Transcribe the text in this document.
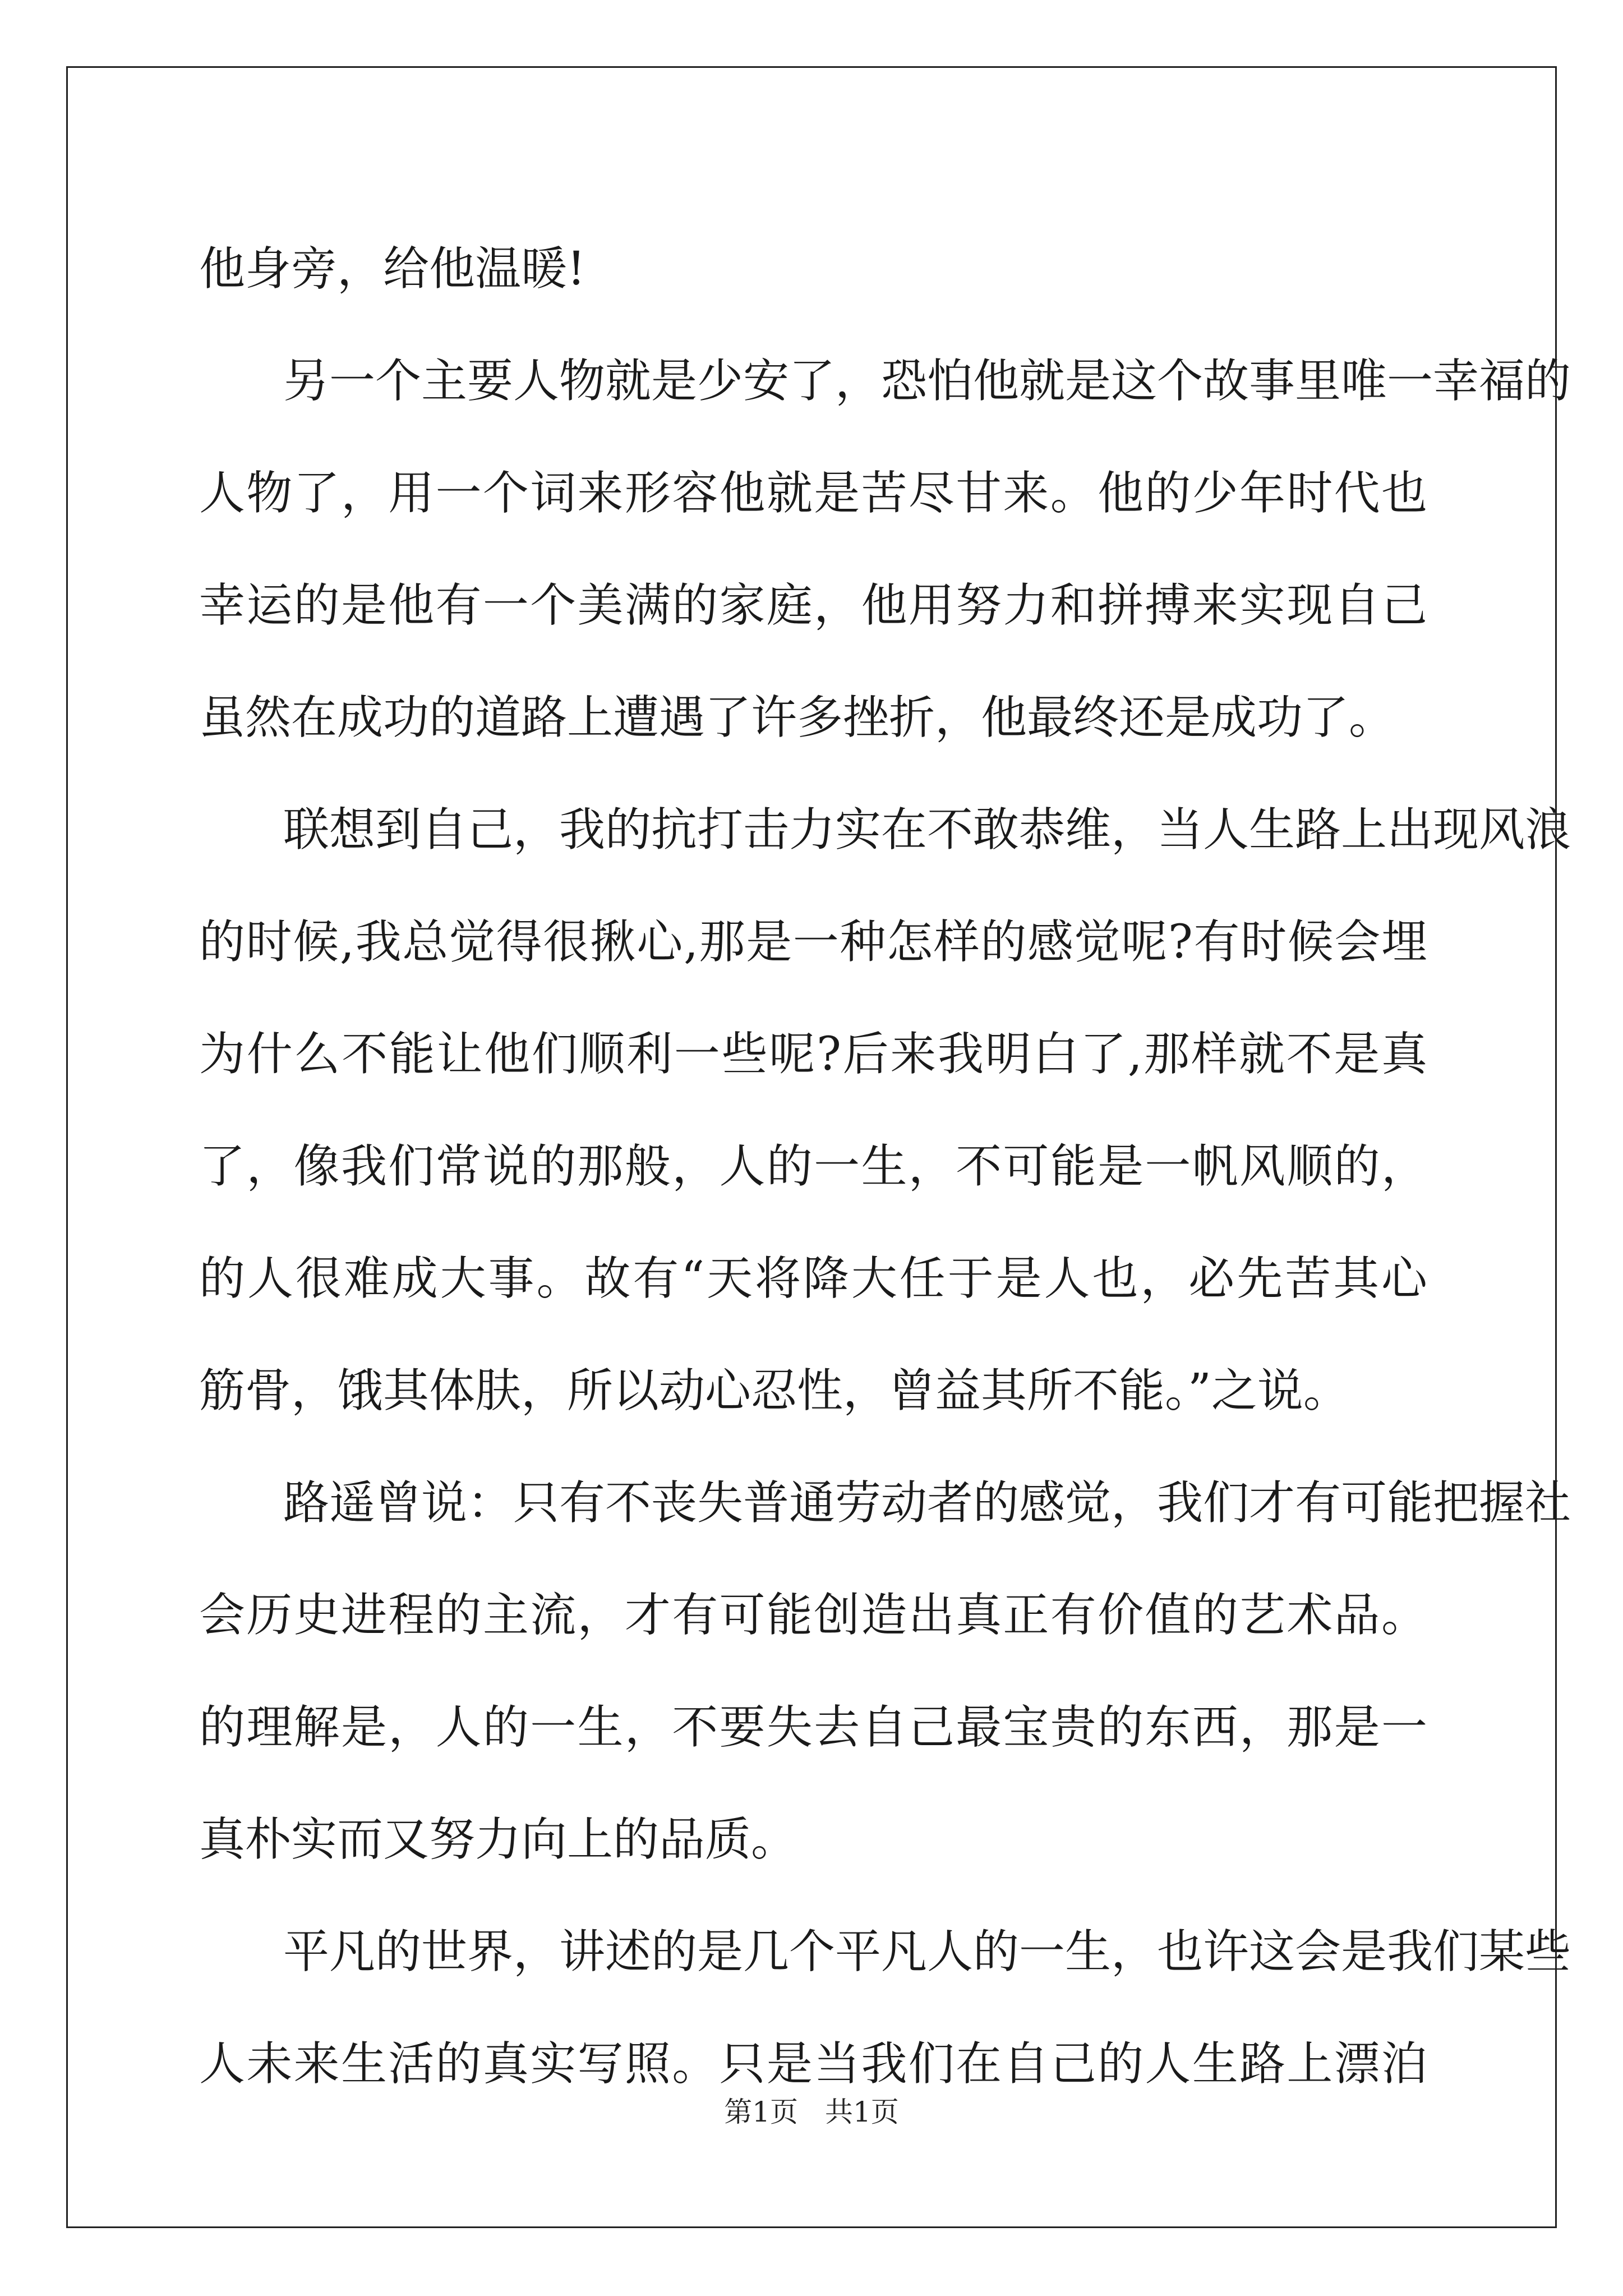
他身旁，给他温暖!
另一个主要人物就是少安了，恐怕他就是这个故事里唯一幸福的
人物了，用一个词来形容他就是苦尽甘来。他的少年时代也
幸运的是他有一个美满的家庭，他用努力和拼搏来实现自己
虽然在成功的道路上遭遇了许多挫折，他最终还是成功了。
联想到自己，我的抗打击力实在不敢恭维，当人生路上出现风浪
的时候,我总觉得很揪心,那是一种怎样的感觉呢?有时候会埋
为什么不能让他们顺利一些呢?后来我明白了,那样就不是真
了，像我们常说的那般，人的一生，不可能是一帆风顺的，
的人很难成大事。故有“天将降大任于是人也，必先苦其心
筋骨，饿其体肤，所以动心忍性，曾益其所不能。”之说。
路遥曾说：只有不丧失普通劳动者的感觉，我们才有可能把握社
会历史进程的主流，才有可能创造出真正有价值的艺术品。
的理解是，人的一生，不要失去自己最宝贵的东西，那是一
真朴实而又努力向上的品质。
平凡的世界，讲述的是几个平凡人的一生，也许这会是我们某些
人未来生活的真实写照。只是当我们在自己的人生路上漂泊
第1页 共1页
